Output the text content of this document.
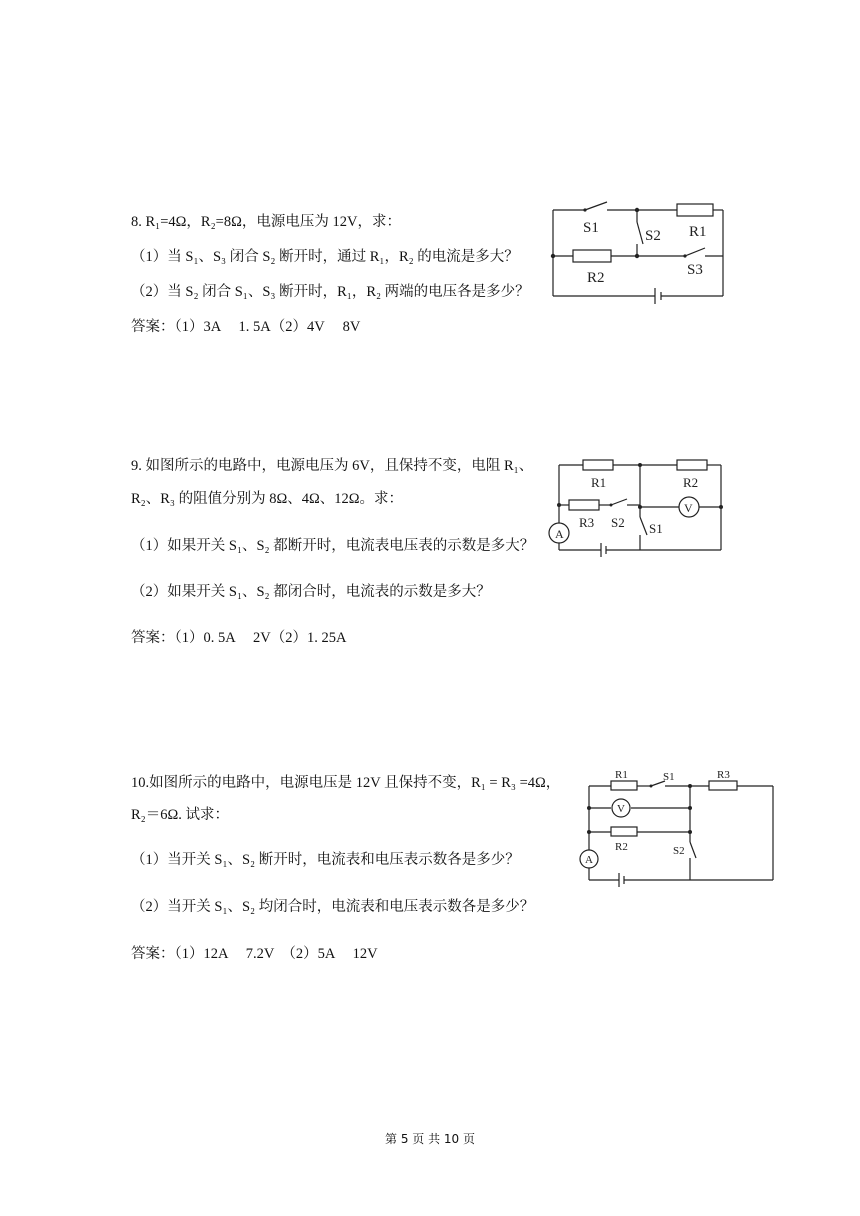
8. R₁=4Ω，R₂=8Ω，电源电压为 12V，求：
（1）当 S₁、S₃ 闭合 S₂ 断开时，通过 R₁，R₂ 的电流是多大？
（2）当 S₂ 闭合 S₁、S₃ 断开时，R₁，R₂ 两端的电压各是多少？
答案：（1）3A　 1. 5A（2）4V　 8V
S1	S2 R1
R2	S3
9. 如图所示的电路中，电源电压为 6V，且保持不变，电阻 R₁、
R₂、R₃ 的阻值分别为 8Ω、4Ω、12Ω。求：
（1）如果开关 S₁、S₂ 都断开时，电流表电压表的示数是多大？
（2）如果开关 S₁、S₂ 都闭合时，电流表的示数是多大？
答案：（1）0. 5A　 2V（2）1. 25A
R1	R2
R3 S2 S1
A
V
10.如图所示的电路中，电源电压是 12V 且保持不变，R₁ = R₃ =4Ω，
R₂＝6Ω. 试求：
（1）当开关 S₁、S₂ 断开时，电流表和电压表示数各是多少？
（2）当开关 S₁、S₂ 均闭合时，电流表和电压表示数各是多少？
答案：（1）12A　 7.2V　（2）5A　 12V
R1	S1	R3
R2	S2
A
V
第 5 页 共 10 页
